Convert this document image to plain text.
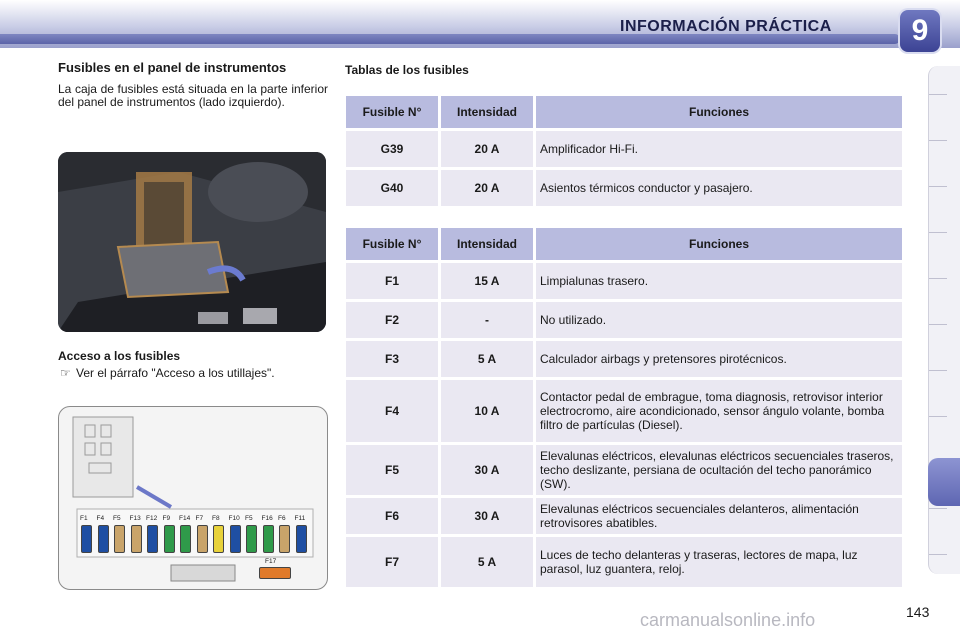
INFORMACIÓN PRÁCTICA	9
Fusibles en el panel de instrumentos

La caja de fusibles está situada en la parte inferior del panel de instrumentos (lado izquierdo).

Acceso a los fusibles
☞ Ver el párrafo "Acceso a los utillajes".
F1 F4 F5 F13 F12 F9 F14 F7 F8 F10 F5 F16 F6 F11
F17
Tablas de los fusibles
Fusible N°	Intensidad	Funciones
G39	20 A	Amplificador Hi-Fi.
G40	20 A	Asientos térmicos conductor y pasajero.
Fusible N°	Intensidad	Funciones
F1	15 A	Limpialunas trasero.
F2	-	No utilizado.
F3	5 A	Calculador airbags y pretensores pirotécnicos.
F4	10 A	Contactor pedal de embrague, toma diagnosis, retrovisor interior electrocromo, aire acondicionado, sensor ángulo volante, bomba filtro de partículas (Diesel).
F5	30 A	Elevalunas eléctricos, elevalunas eléctricos secuenciales traseros, techo deslizante, persiana de ocultación del techo panorámico (SW).
F6	30 A	Elevalunas eléctricos secuenciales delanteros, alimentación retrovisores abatibles.
F7	5 A	Luces de techo delanteras y traseras, lectores de mapa, luz parasol, luz guantera, reloj.
143
carmanualsonline.info
